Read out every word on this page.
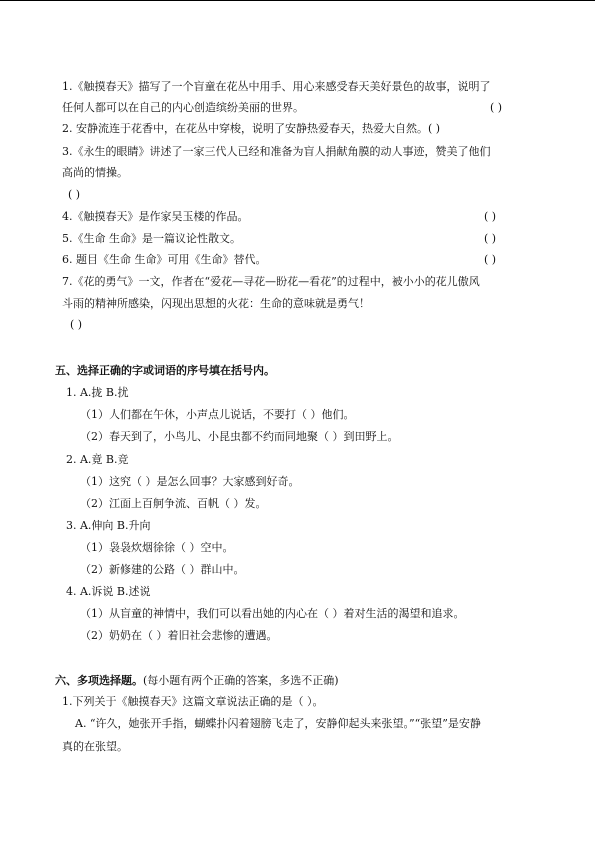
1.《触摸春天》描写了一个盲童在花丛中用手、用心来感受春天美好景色的故事，说明了
任何人都可以在自己的内心创造缤纷美丽的世界。	( )
2. 安静流连于花香中，在花丛中穿梭，说明了安静热爱春天，热爱大自然。( )
3.《永生的眼睛》讲述了一家三代人已经和准备为盲人捐献角膜的动人事迹，赞美了他们
高尚的情操。
( )
4.《触摸春天》是作家吴玉楼的作品。	( )
5.《生命 生命》是一篇议论性散文。	( )
6. 题目《生命 生命》可用《生命》替代。	( )
7.《花的勇气》一文，作者在“爱花—寻花—盼花—看花”的过程中，被小小的花儿傲风
斗雨的精神所感染，闪现出思想的火花：生命的意味就是勇气！
( )
五、选择正确的字或词语的序号填在括号内。
1. A.拢 B.扰
（1）人们都在午休，小声点儿说话，不要打（ ）他们。
（2）春天到了，小鸟儿、小昆虫都不约而同地聚（ ）到田野上。
2. A.竟 B.竞
（1）这究（ ）是怎么回事？大家感到好奇。
（2）江面上百舸争流、百帆（ ）发。
3. A.伸向 B.升向
（1）袅袅炊烟徐徐（ ）空中。
（2）新修建的公路（ ）群山中。
4. A.诉说 B.述说
（1）从盲童的神情中，我们可以看出她的内心在（ ）着对生活的渴望和追求。
（2）奶奶在（ ）着旧社会悲惨的遭遇。
六、多项选择题。(每小题有两个正确的答案，多选不正确)
1.下列关于《触摸春天》这篇文章说法正确的是（ ）。
A. “许久，她张开手指，蝴蝶扑闪着翅膀飞走了，安静仰起头来张望。”“张望”是安静
真的在张望。
